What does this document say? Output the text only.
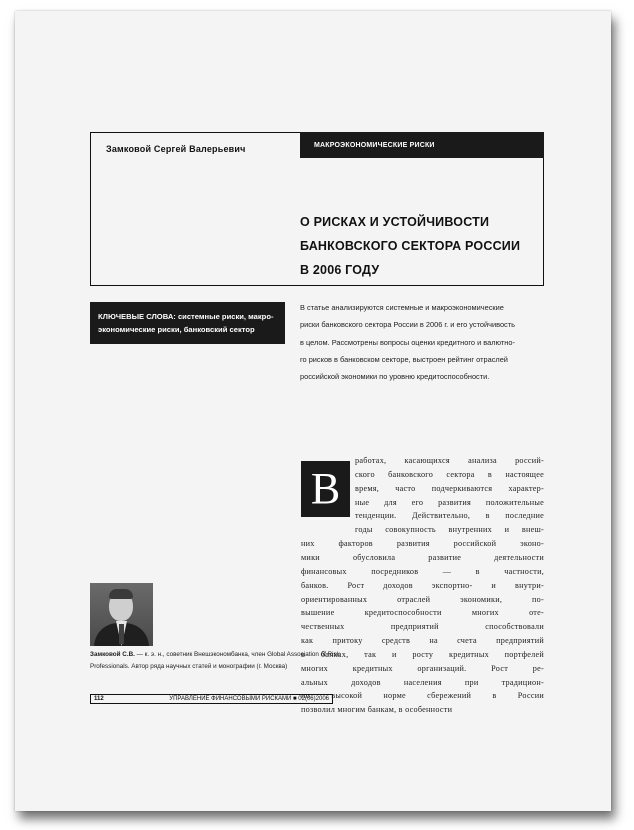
Замковой Сергей Валерьевич	МАКРОЭКОНОМИЧЕСКИЕ РИСКИ
О РИСКАХ И УСТОЙЧИВОСТИ
БАНКОВСКОГО СЕКТОРА РОССИИ
В 2006 ГОДУ
КЛЮЧЕВЫЕ СЛОВА: системные риски, макро-
экономические риски, банковский сектор
В статье анализируются системные и макроэкономические
риски банковского сектора России в 2006 г. и его устойчивость
в целом. Рассмотрены вопросы оценки кредитного и валютно-
го рисков в банковском секторе, выстроен рейтинг отраслей
российской экономики по уровню кредитоспособности.
В
работах, касающихся анализа россий-
ского банковского сектора в настоящее
время, часто подчеркиваются характер-
ные для его развития положительные
тенденции. Действительно, в последние
годы совокупность внутренних и внеш-
них факторов развития российской эконо-
мики обусловила развитие деятельности
финансовых посредников — в частности,
банков. Рост доходов экспортно- и внутри-
ориентированных отраслей экономики, по-
вышение кредитоспособности многих оте-
чественных предприятий способствовали
как притоку средств на счета предприятий
в банках, так и росту кредитных портфелей
многих кредитных организаций. Рост ре-
альных доходов населения при традицион-
но высокой норме сбережений в России
позволил многим банкам, в особенности
Замковой С.В. — к. э. н., советник Внешэкономбанка, член Global Association of Risk
Professionals. Автор ряда научных статей и монографии (г. Москва)
112	УПРАВЛЕНИЕ ФИНАНСОВЫМИ РИСКАМИ ■ 02(06)2006
